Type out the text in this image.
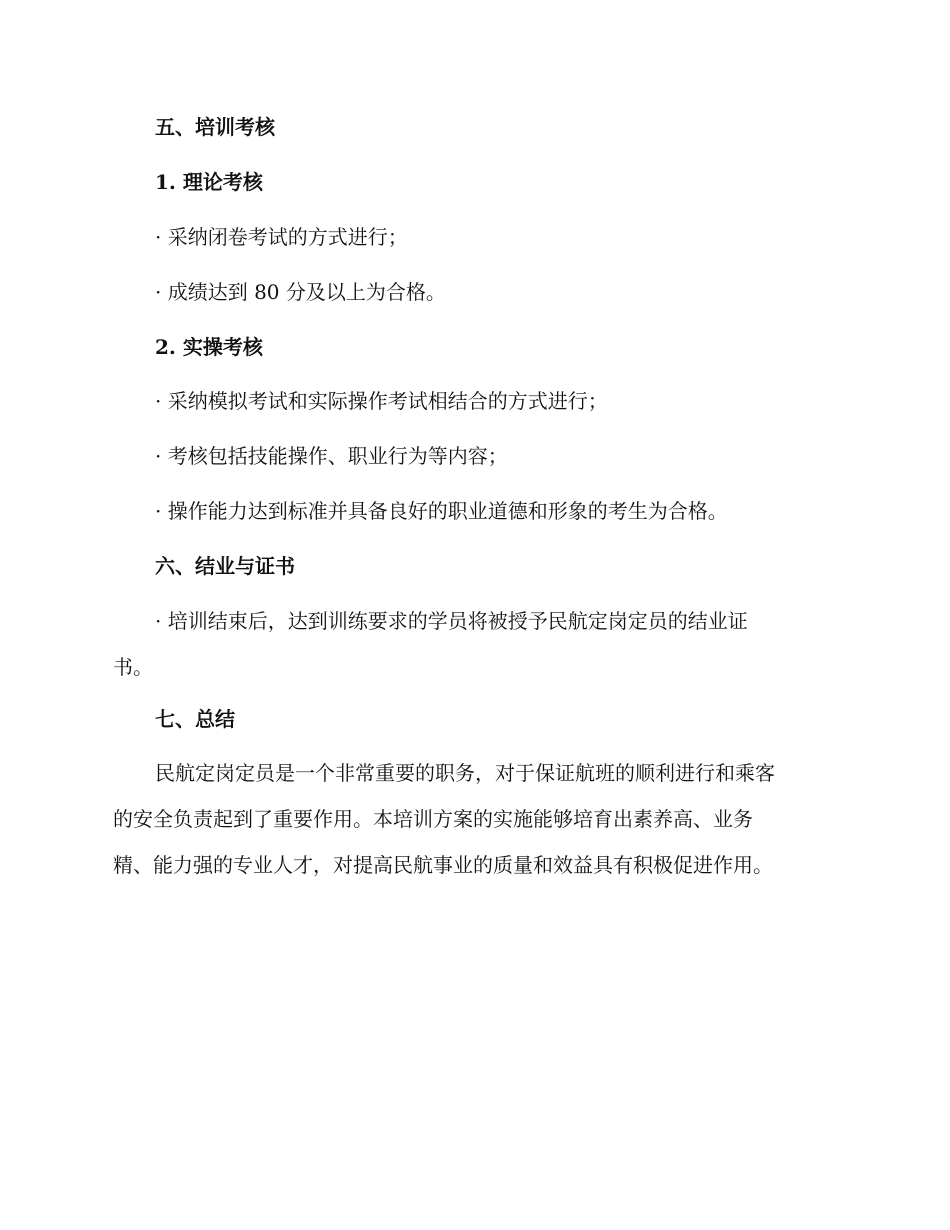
五、培训考核
1. 理论考核
· 采纳闭卷考试的方式进行；
· 成绩达到 80 分及以上为合格。
2. 实操考核
· 采纳模拟考试和实际操作考试相结合的方式进行；
· 考核包括技能操作、职业行为等内容；
· 操作能力达到标准并具备良好的职业道德和形象的考生为合格。
六、结业与证书
· 培训结束后，达到训练要求的学员将被授予民航定岗定员的结业证
书。
七、总结
民航定岗定员是一个非常重要的职务，对于保证航班的顺利进行和乘客
的安全负责起到了重要作用。本培训方案的实施能够培育出素养高、业务
精、能力强的专业人才，对提高民航事业的质量和效益具有积极促进作用。
